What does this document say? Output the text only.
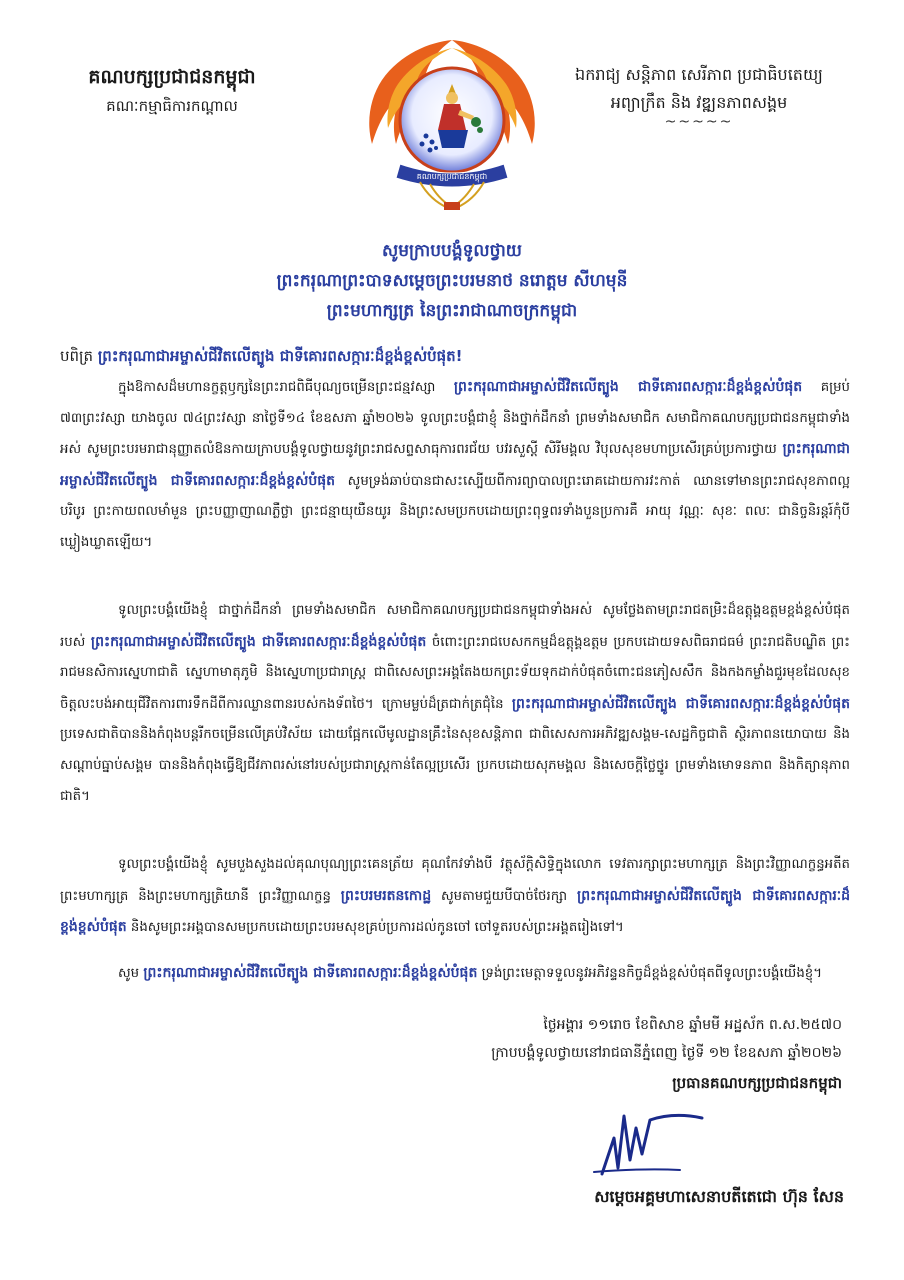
គណបក្សប្រជាជនកម្ពុជា
គណៈកម្មាធិការកណ្តាល
គណបក្សប្រជាជនកម្ពុជា
ឯករាជ្យ សន្តិភាព សេរីភាព ប្រជាធិបតេយ្យ
អព្យាក្រឹត និង វឌ្ឍនភាពសង្គម
~~~~~
សូមក្រាបបង្គំទូលថ្វាយ
ព្រះករុណាព្រះបាទសម្តេចព្រះបរមនាថ នរោត្តម សីហមុនី
ព្រះមហាក្សត្រ នៃព្រះរាជាណាចក្រកម្ពុជា
បពិត្រ ព្រះករុណាជាអម្ចាស់ជីវិតលើត្បូង ជាទីគោរពសក្ការៈដ៏ខ្ពង់ខ្ពស់បំផុត!

ក្នុងឱកាសដ៏មហានក្ខត្តឫក្សនៃព្រះរាជពិធីបុណ្យចម្រើនព្រះជន្មវស្សា ព្រះករុណាជាអម្ចាស់ជីវិតលើត្បូង ជាទីគោរពសក្ការៈដ៏ខ្ពង់ខ្ពស់បំផុត គម្រប់ ៧៣ព្រះវស្សា យាងចូល ៧៤ព្រះវស្សា នាថ្ងៃទី១៤ ខែឧសភា ឆ្នាំ២០២៦ ទូលព្រះបង្គំជាខ្ញុំ និងថ្នាក់ដឹកនាំ ព្រមទាំងសមាជិក សមាជិកាគណបក្សប្រជាជនកម្ពុជាទាំងអស់ សូមព្រះបរមរាជានុញ្ញាតលំឱនកាយក្រាបបង្គំទូលថ្វាយនូវព្រះរាជសព្ទសាធុការពរជ័យ បវរសួស្តី សិរីមង្គល វិបុលសុខមហាប្រសើរគ្រប់ប្រការថ្វាយ ព្រះករុណាជាអម្ចាស់ជីវិតលើត្បូង ជាទីគោរពសក្ការៈដ៏ខ្ពង់ខ្ពស់បំផុត សូមទ្រង់ឆាប់បានជាសះស្បើយពីការព្យាបាលព្រះរោគដោយការវះកាត់ ឈានទៅមានព្រះរាជសុខភាពល្អបរិបូរ ព្រះកាយពលមាំមួន ព្រះបញ្ញាញាណភ្លឺថ្លា ព្រះជន្មាយុយឺនយូរ និងព្រះសមប្រកបដោយព្រះពុទ្ធពរទាំងបួនប្រការគឺ អាយុ វណ្ណៈ សុខៈ ពលៈ ជានិច្ចនិរន្តរ៍កុំបីឃ្លៀងឃ្លាតឡើយ។

ទូលព្រះបង្គំយើងខ្ញុំ ជាថ្នាក់ដឹកនាំ ព្រមទាំងសមាជិក សមាជិកាគណបក្សប្រជាជនកម្ពុជាទាំងអស់ សូមថ្លែងតាមព្រះរាជតម្រិះដ៏ឧត្តុង្គឧត្តមខ្ពង់ខ្ពស់បំផុតរបស់ ព្រះករុណាជាអម្ចាស់ជីវិតលើត្បូង ជាទីគោរពសក្ការៈដ៏ខ្ពង់ខ្ពស់បំផុត ចំពោះព្រះរាជបេសកកម្មដ៏ឧត្តុង្គឧត្តម ប្រកបដោយទសពិធរាជធម៌ ព្រះរាជតិបណ្ឌិត ព្រះរាជមនសិការស្នេហាជាតិ ស្នេហាមាតុភូមិ និងស្នេហាប្រជារាស្ត្រ ជាពិសេសព្រះអង្គតែងយកព្រះទ័យទុកដាក់បំផុតចំពោះជនភៀសសឹក និងកងកម្លាំងជួរមុខដែលសុខចិត្តលះបង់អាយុជីវិតការពារទឹកដីពីការឈ្លានពានរបស់កងទ័ពថៃ។ ក្រោមម្លប់ដ៏ត្រជាក់ត្រជុំនៃ ព្រះករុណាជាអម្ចាស់ជីវិតលើត្បូង ជាទីគោរពសក្ការៈដ៏ខ្ពង់ខ្ពស់បំផុត ប្រទេសជាតិបាននិងកំពុងបន្តរីកចម្រើនលើគ្រប់វិស័យ ដោយផ្អែកលើមូលដ្ឋានគ្រឹះនៃសុខសន្តិភាព ជាពិសេសការអភិវឌ្ឍសង្គម-សេដ្ឋកិច្ចជាតិ ស្ថិរភាពនយោបាយ និងសណ្តាប់ធ្នាប់សង្គម បាននិងកំពុងធ្វើឱ្យជីវភាពរស់នៅរបស់ប្រជារាស្ត្រកាន់តែល្អប្រសើរ ប្រកបដោយសុភមង្គល និងសេចក្តីថ្លៃថ្នូរ ព្រមទាំងមោទនភាព និងកិត្យានុភាពជាតិ។

ទូលព្រះបង្គំយើងខ្ញុំ សូមបួងសួងដល់គុណបុណ្យព្រះគេនត្រ័យ គុណកែវទាំងបី វត្ថុស័ក្តិសិទ្ធិក្នុងលោក ទេវតារក្សាព្រះមហាក្សត្រ និងព្រះវិញ្ញាណក្ខន្ធអតីតព្រះមហាក្សត្រ និងព្រះមហាក្សត្រិយានី ព្រះវិញ្ញាណក្ខន្ធ ព្រះបរមរតនកោដ្ឋ សូមតាមជួយបីបាច់ថែរក្សា ព្រះករុណាជាអម្ចាស់ជីវិតលើត្បូង ជាទីគោរពសក្ការៈដ៏ខ្ពង់ខ្ពស់បំផុត និងសូមព្រះអង្គបានសមប្រកបដោយព្រះបរមសុខគ្រប់ប្រការដល់កូនចៅ ចៅទួតរបស់ព្រះអង្គតរៀងទៅ។

សូម ព្រះករុណាជាអម្ចាស់ជីវិតលើត្បូង ជាទីគោរពសក្ការៈដ៏ខ្ពង់ខ្ពស់បំផុត ទ្រង់ព្រះមេត្តាទទួលនូវអភិវន្ទនកិច្ចដ៏ខ្ពង់ខ្ពស់បំផុតពីទូលព្រះបង្គំយើងខ្ញុំ។

ថ្ងៃអង្គារ ១១រោច ខែពិសាខ ឆ្នាំមមី អដ្ឋស័ក ព.ស.២៥៧០
ក្រាបបង្គំទូលថ្វាយនៅរាជធានីភ្នំពេញ ថ្ងៃទី ១២ ខែឧសភា ឆ្នាំ២០២៦
ប្រធានគណបក្សប្រជាជនកម្ពុជា
សម្តេចអគ្គមហាសេនាបតីតេជោ ហ៊ុន សែន
